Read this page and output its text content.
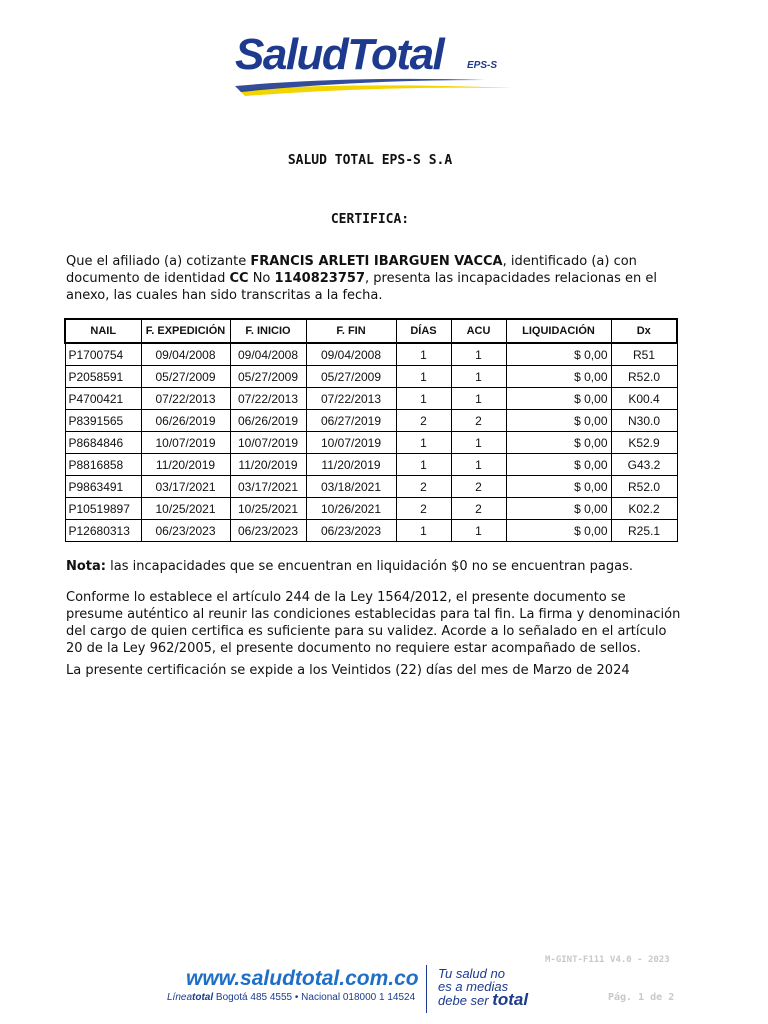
SaludTotal EPS-S
SALUD TOTAL EPS-S S.A
CERTIFICA:
Que el afiliado (a) cotizante FRANCIS ARLETI IBARGUEN VACCA, identificado (a) con documento de identidad CC No 1140823757, presenta las incapacidades relacionas en el anexo, las cuales han sido transcritas a la fecha.
NAIL	F. EXPEDICIÓN	F. INICIO	F. FIN	DÍAS	ACU	LIQUIDACIÓN	Dx
P1700754	09/04/2008	09/04/2008	09/04/2008	1	1	$ 0,00	R51
P2058591	05/27/2009	05/27/2009	05/27/2009	1	1	$ 0,00	R52.0
P4700421	07/22/2013	07/22/2013	07/22/2013	1	1	$ 0,00	K00.4
P8391565	06/26/2019	06/26/2019	06/27/2019	2	2	$ 0,00	N30.0
P8684846	10/07/2019	10/07/2019	10/07/2019	1	1	$ 0,00	K52.9
P8816858	11/20/2019	11/20/2019	11/20/2019	1	1	$ 0,00	G43.2
P9863491	03/17/2021	03/17/2021	03/18/2021	2	2	$ 0,00	R52.0
P10519897	10/25/2021	10/25/2021	10/26/2021	2	2	$ 0,00	K02.2
P12680313	06/23/2023	06/23/2023	06/23/2023	1	1	$ 0,00	R25.1
Nota: las incapacidades que se encuentran en liquidación $0 no se encuentran pagas.
Conforme lo establece el artículo 244 de la Ley 1564/2012, el presente documento se presume auténtico al reunir las condiciones establecidas para tal fin. La firma y denominación del cargo de quien certifica es suficiente para su validez. Acorde a lo señalado en el artículo 20 de la Ley 962/2005, el presente documento no requiere estar acompañado de sellos.
La presente certificación se expide a los Veintidos (22) días del mes de Marzo de 2024
M-GINT-F111 V4.0 - 2023
Pág. 1 de 2
www.saludtotal.com.co
Líneatotal Bogotá 485 4555 • Nacional 018000 1 14524
Tu salud no
es a medias
debe ser total
